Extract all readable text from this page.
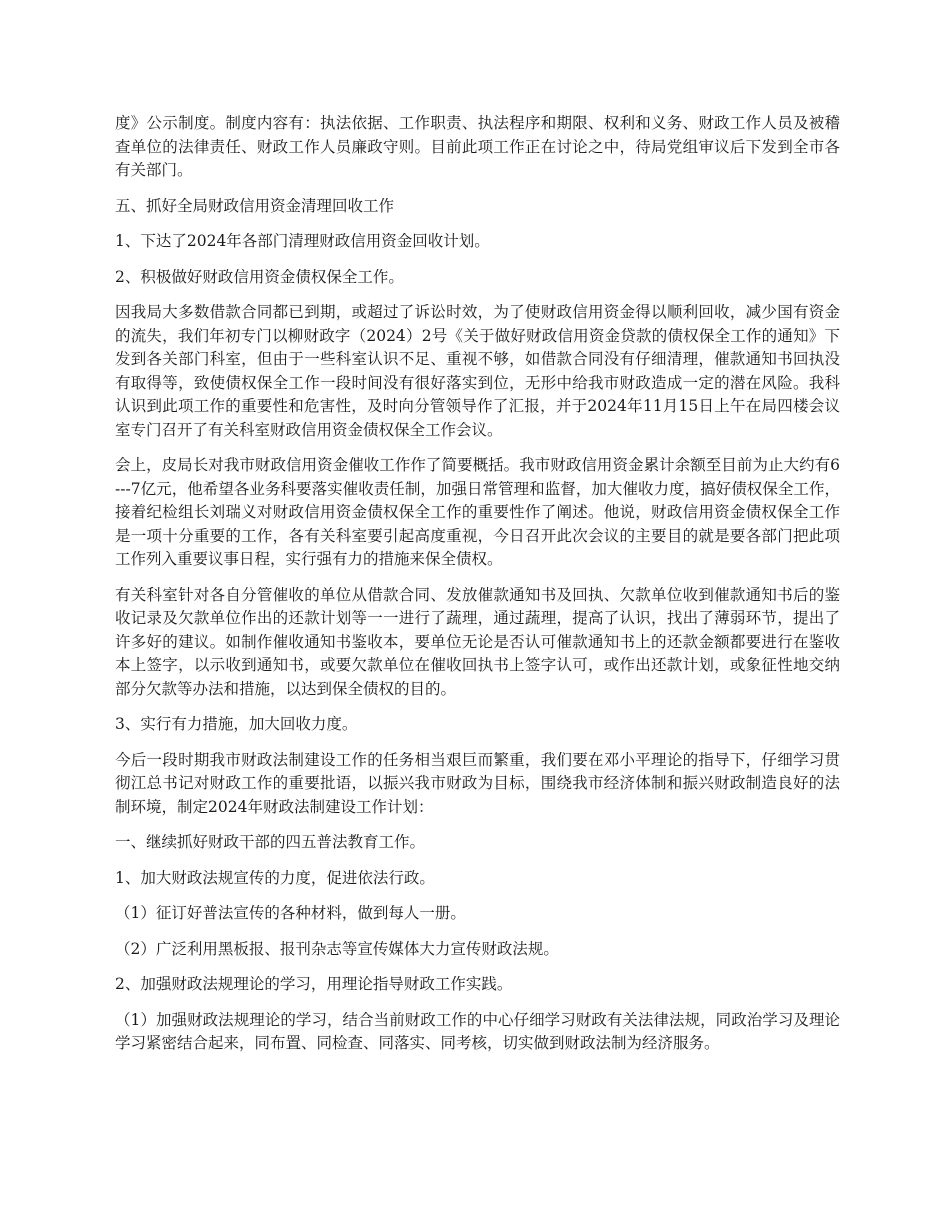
度》公示制度。制度内容有：执法依据、工作职责、执法程序和期限、权利和义务、财政工作人员及被稽查单位的法律责任、财政工作人员廉政守则。目前此项工作正在讨论之中，待局党组审议后下发到全市各有关部门。

五、抓好全局财政信用资金清理回收工作

1、下达了2024年各部门清理财政信用资金回收计划。

2、积极做好财政信用资金债权保全工作。

因我局大多数借款合同都已到期，或超过了诉讼时效，为了使财政信用资金得以顺利回收，减少国有资金的流失，我们年初专门以柳财政字（2024）2号《关于做好财政信用资金贷款的债权保全工作的通知》下发到各关部门科室，但由于一些科室认识不足、重视不够，如借款合同没有仔细清理，催款通知书回执没有取得等，致使债权保全工作一段时间没有很好落实到位，无形中给我市财政造成一定的潜在风险。我科认识到此项工作的重要性和危害性，及时向分管领导作了汇报，并于2024年11月15日上午在局四楼会议室专门召开了有关科室财政信用资金债权保全工作会议。

会上，皮局长对我市财政信用资金催收工作作了简要概括。我市财政信用资金累计余额至目前为止大约有6---7亿元，他希望各业务科要落实催收责任制，加强日常管理和监督，加大催收力度，搞好债权保全工作，接着纪检组长刘瑞义对财政信用资金债权保全工作的重要性作了阐述。他说，财政信用资金债权保全工作是一项十分重要的工作，各有关科室要引起高度重视，今日召开此次会议的主要目的就是要各部门把此项工作列入重要议事日程，实行强有力的措施来保全债权。

有关科室针对各自分管催收的单位从借款合同、发放催款通知书及回执、欠款单位收到催款通知书后的鉴收记录及欠款单位作出的还款计划等一一进行了蔬理，通过蔬理，提高了认识，找出了薄弱环节，提出了许多好的建议。如制作催收通知书鉴收本，要单位无论是否认可催款通知书上的还款金额都要进行在鉴收本上签字，以示收到通知书，或要欠款单位在催收回执书上签字认可，或作出还款计划，或象征性地交纳部分欠款等办法和措施，以达到保全债权的目的。

3、实行有力措施，加大回收力度。

今后一段时期我市财政法制建设工作的任务相当艰巨而繁重，我们要在邓小平理论的指导下，仔细学习贯彻江总书记对财政工作的重要批语，以振兴我市财政为目标，围绕我市经济体制和振兴财政制造良好的法制环境，制定2024年财政法制建设工作计划：

一、继续抓好财政干部的四五普法教育工作。

1、加大财政法规宣传的力度，促进依法行政。

（1）征订好普法宣传的各种材料，做到每人一册。

（2）广泛利用黑板报、报刊杂志等宣传媒体大力宣传财政法规。

2、加强财政法规理论的学习，用理论指导财政工作实践。

（1）加强财政法规理论的学习，结合当前财政工作的中心仔细学习财政有关法律法规，同政治学习及理论学习紧密结合起来，同布置、同检查、同落实、同考核，切实做到财政法制为经济服务。
